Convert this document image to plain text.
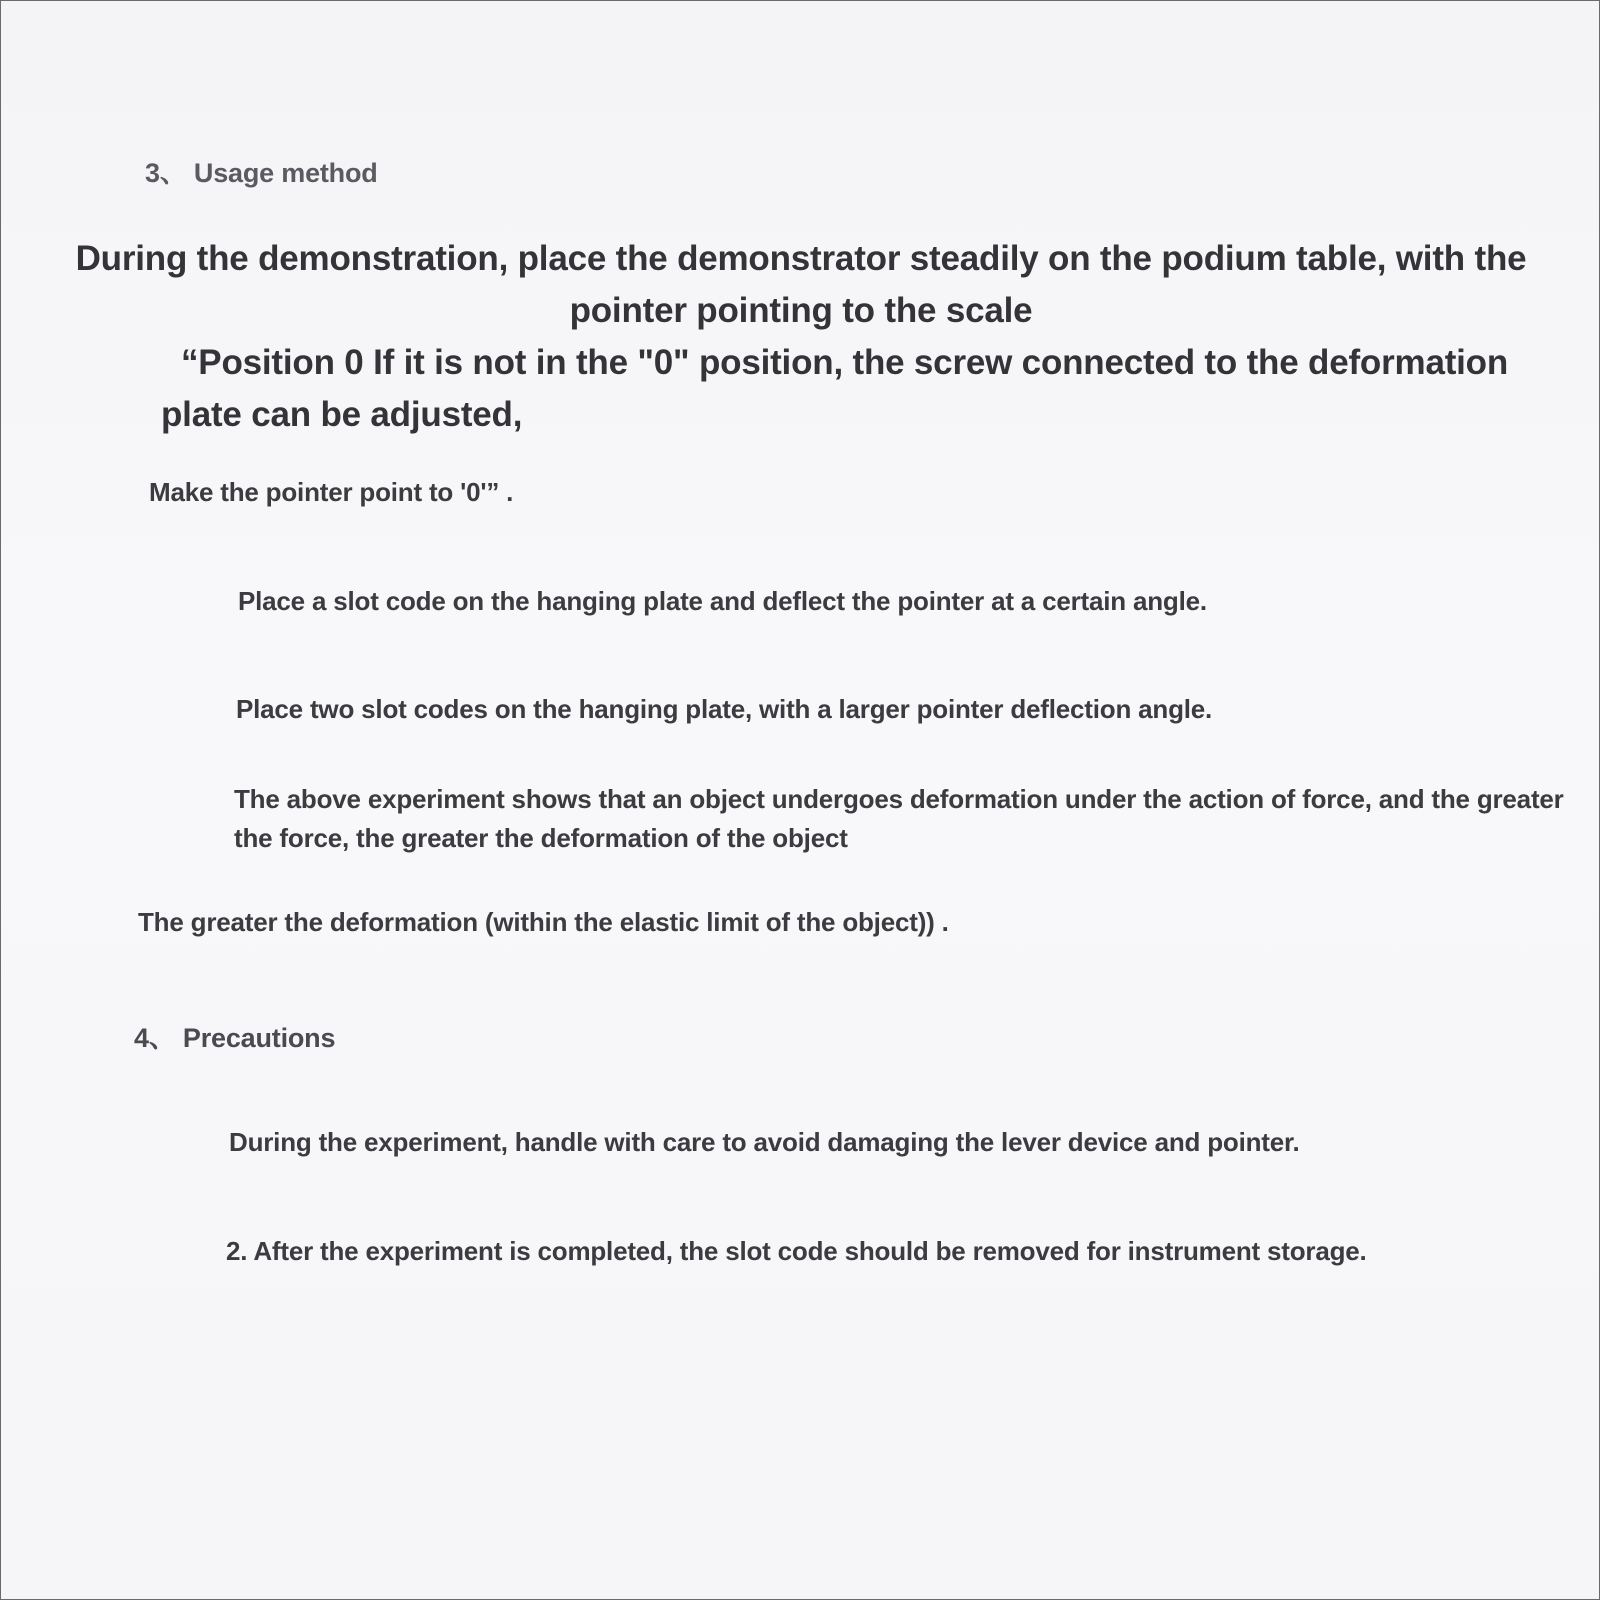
3、 Usage method

During the demonstration, place the demonstrator steadily on the podium table, with the pointer pointing to the scale

“Position 0 If it is not in the "0" position, the screw connected to the deformation plate can be adjusted,

Make the pointer point to '0'” .

Place a slot code on the hanging plate and deflect the pointer at a certain angle.

Place two slot codes on the hanging plate, with a larger pointer deflection angle.

The above experiment shows that an object undergoes deformation under the action of force, and the greater the force, the greater the deformation of the object

The greater the deformation (within the elastic limit of the object)) .

4、 Precautions

During the experiment, handle with care to avoid damaging the lever device and pointer.

2. After the experiment is completed, the slot code should be removed for instrument storage.
